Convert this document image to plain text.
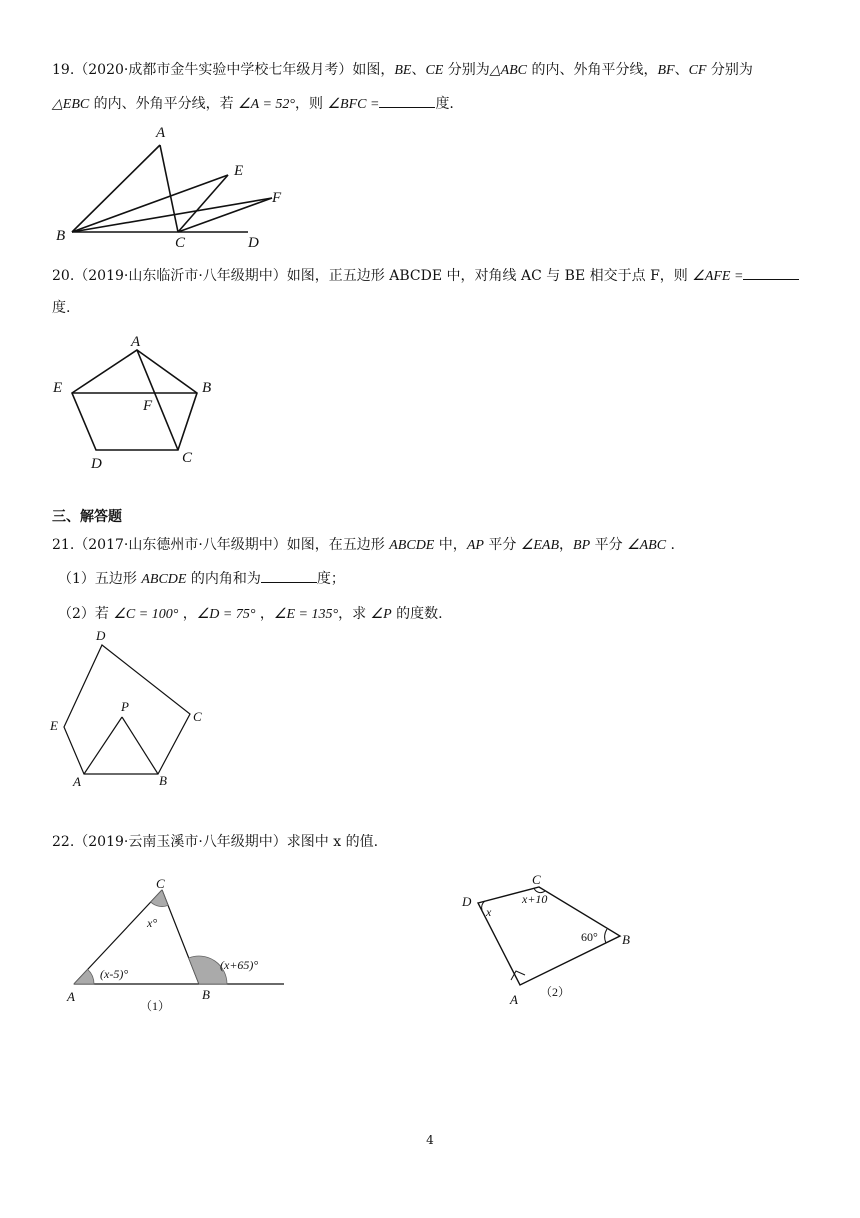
19.（2020·成都市金牛实验中学校七年级月考）如图，BE、CE 分别为△ABC 的内、外角平分线，BF、CF 分别为
△EBC 的内、外角平分线，若 ∠A = 52°，则 ∠BFC =	度.
A
B	C	D
E
F
20.（2019·山东临沂市·八年级期中）如图，正五边形 ABCDE 中，对角线 AC 与 BE 相交于点 F，则 ∠AFE =
度.
A
B
C
D
E
F
三、解答题
21.（2017·山东德州市·八年级期中）如图，在五边形 ABCDE 中，AP 平分 ∠EAB，BP 平分 ∠ABC .
（1）五边形 ABCDE 的内角和为	度；
（2）若 ∠C = 100° ，∠D = 75° ，∠E = 135°，求 ∠P 的度数.
D
C
E
P
A	B
22.（2019·云南玉溪市·八年级期中）求图中 x 的值.
C
A	B
x°
(x-5)°
(x+65)°
（1）
D
C
B
A
x
x+10
60°
（2）
4
